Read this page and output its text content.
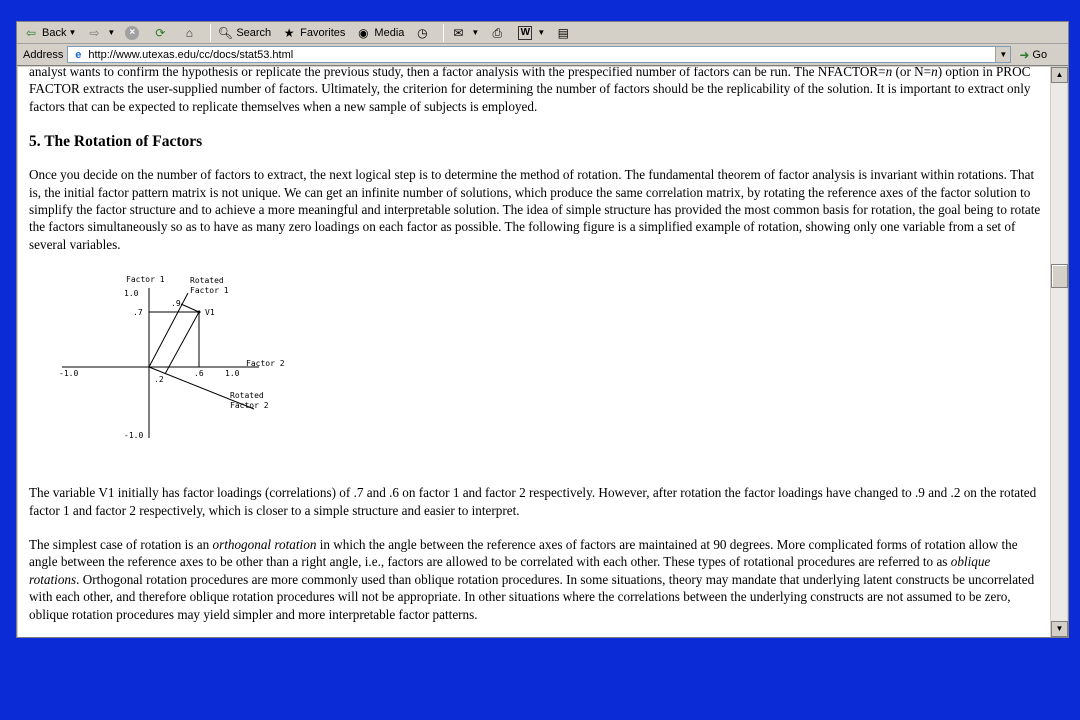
⇦ Back ▼ ⇨ ▼	×	⟳	⌂	🔍︎ Search ★ Favorites ◉ Media ◷ ✉ ▼ ⎙	W ▼ ▤
Address	e http://www.utexas.edu/cc/docs/stat53.html	▼ ➜ Go

analyst wants to confirm the hypothesis or replicate the previous study, then a factor analysis with the prespecified number of factors can be run. The NFACTOR=n (or N=n) option in PROC FACTOR extracts the user-supplied number of factors. Ultimately, the criterion for determining the number of factors should be the replicability of the solution. It is important to extract only factors that can be expected to replicate themselves when a new sample of subjects is employed.

5. The Rotation of Factors

Once you decide on the number of factors to extract, the next logical step is to determine the method of rotation. The fundamental theorem of factor analysis is invariant within rotations. That is, the initial factor pattern matrix is not unique. We can get an infinite number of solutions, which produce the same correlation matrix, by rotating the reference axes of the factor solution to simplify the factor structure and to achieve a more meaningful and interpretable solution. The idea of simple structure has provided the most common basis for rotation, the goal being to rotate the factors simultaneously so as to have as many zero loadings on each factor as possible. The following figure is a simplified example of rotation, showing only one variable from a set of several variables.

Factor 1
1.0
.7
-1.0
-1.0	.6	1.0
Factor 2
V1
.9
.2
Rotated
Factor 1
Rotated
Factor 2

The variable V1 initially has factor loadings (correlations) of .7 and .6 on factor 1 and factor 2 respectively. However, after rotation the factor loadings have changed to .9 and .2 on the rotated factor 1 and factor 2 respectively, which is closer to a simple structure and easier to interpret.

The simplest case of rotation is an orthogonal rotation in which the angle between the reference axes of factors are maintained at 90 degrees. More complicated forms of rotation allow the angle between the reference axes to be other than a right angle, i.e., factors are allowed to be correlated with each other. These types of rotational procedures are referred to as oblique rotations. Orthogonal rotation procedures are more commonly used than oblique rotation procedures. In some situations, theory may mandate that underlying latent constructs be uncorrelated with each other, and therefore oblique rotation procedures will not be appropriate. In other situations where the correlations between the underlying constructs are not assumed to be zero, oblique rotation procedures may yield simpler and more interpretable factor patterns.

▲
▼
